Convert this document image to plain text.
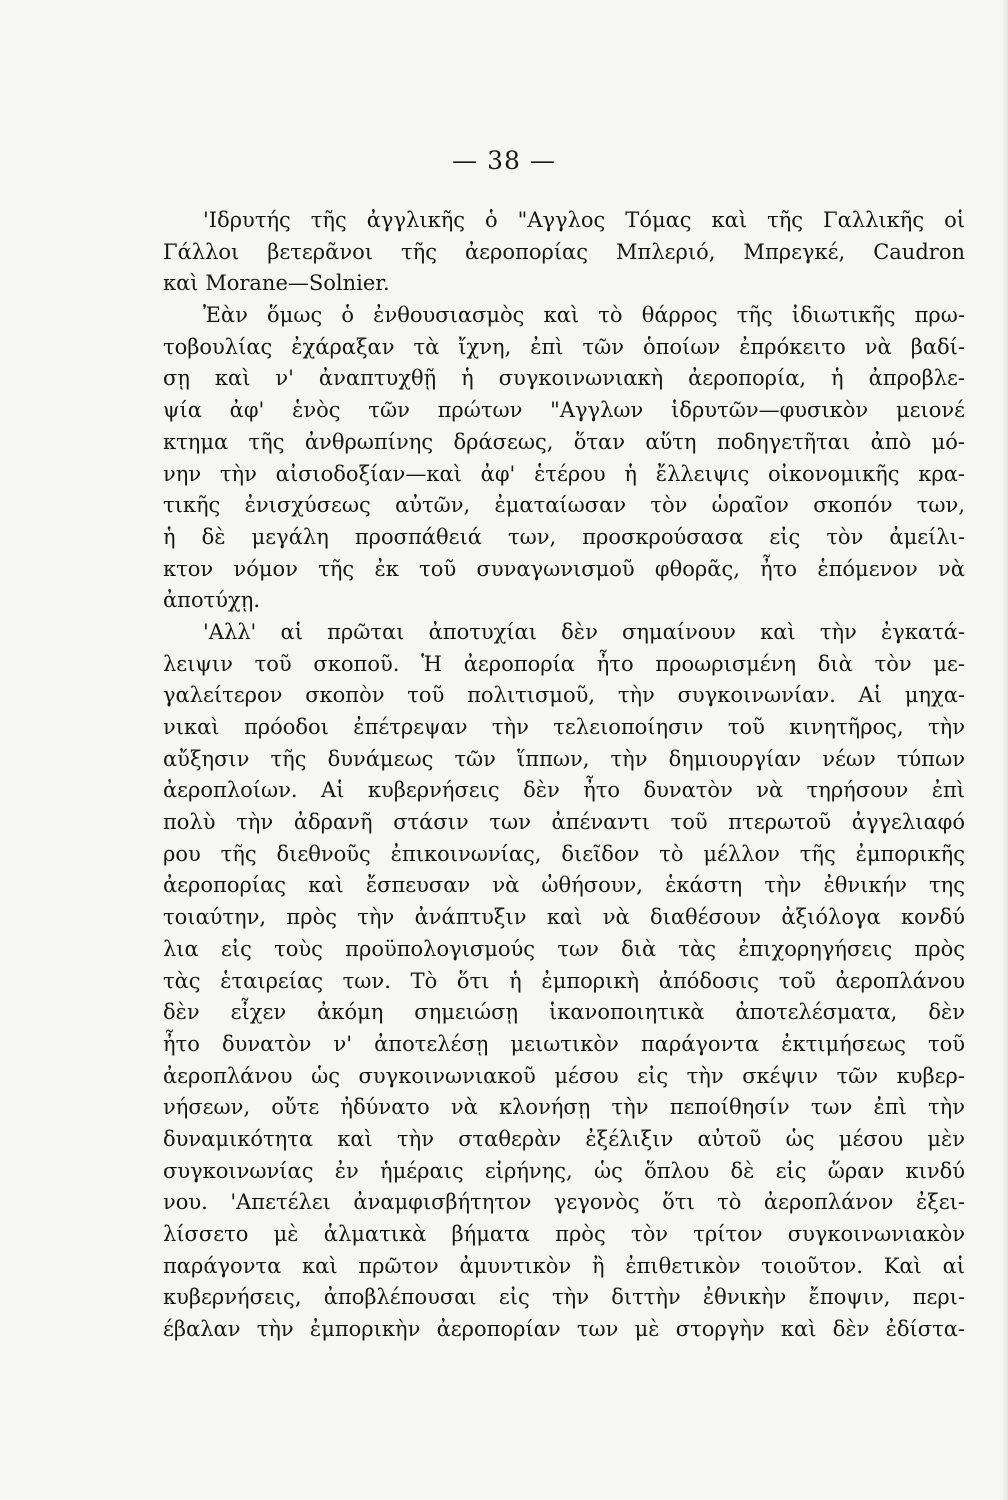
— 38 —
'Ιδρυτής τῆς ἀγγλικῆς ὁ "Αγγλος Τόμας καὶ τῆς Γαλλικῆς οἱ
Γάλλοι βετερᾶνοι τῆς ἀεροπορίας Μπλεριό, Μπρεγκέ, Caudron
καὶ Morane—Solnier.
Ἐὰν ὅμως ὁ ἐνθουσιασμὸς καὶ τὸ θάρρος τῆς ἰδιωτικῆς πρω-
τοβουλίας ἐχάραξαν τὰ ἴχνη, ἐπὶ τῶν ὁποίων ἐπρόκειτο νὰ βαδί-
σῃ καὶ ν' ἀναπτυχθῇ ἡ συγκοινωνιακὴ ἀεροπορία, ἡ ἀπροβλε-
ψία ἀφ' ἑνὸς τῶν πρώτων "Αγγλων ἱδρυτῶν—φυσικὸν μειονέ
κτημα τῆς ἀνθρωπίνης δράσεως, ὅταν αὕτη ποδηγετῆται ἀπὸ μό-
νην τὴν αἰσιοδοξίαν—καὶ ἀφ' ἑτέρου ἡ ἔλλειψις οἰκονομικῆς κρα-
τικῆς ἐνισχύσεως αὐτῶν, ἐματαίωσαν τὸν ὡραῖον σκοπόν των,
ἡ δὲ μεγάλη προσπάθειά των, προσκρούσασα εἰς τὸν ἀμείλι-
κτον νόμον τῆς ἐκ τοῦ συναγωνισμοῦ φθορᾶς, ἦτο ἑπόμενον νὰ
ἀποτύχῃ.
'Αλλ' αἱ πρῶται ἀποτυχίαι δὲν σημαίνουν καὶ τὴν ἐγκατά-
λειψιν τοῦ σκοποῦ. Ἡ ἀεροπορία ἦτο προωρισμένη διὰ τὸν με-
γαλείτερον σκοπὸν τοῦ πολιτισμοῦ, τὴν συγκοινωνίαν. Αἱ μηχα-
νικαὶ πρόοδοι ἐπέτρεψαν τὴν τελειοποίησιν τοῦ κινητῆρος, τὴν
αὔξησιν τῆς δυνάμεως τῶν ἵππων, τὴν δημιουργίαν νέων τύπων
ἀεροπλοίων. Αἱ κυβερνήσεις δὲν ἦτο δυνατὸν νὰ τηρήσουν ἐπὶ
πολὺ τὴν ἀδρανῆ στάσιν των ἀπέναντι τοῦ πτερωτοῦ ἀγγελιαφό
ρου τῆς διεθνοῦς ἐπικοινωνίας, διεῖδον τὸ μέλλον τῆς ἐμπορικῆς
ἀεροπορίας καὶ ἔσπευσαν νὰ ὠθήσουν, ἑκάστη τὴν ἐθνικήν της
τοιαύτην, πρὸς τὴν ἀνάπτυξιν καὶ νὰ διαθέσουν ἀξιόλογα κονδύ
λια εἰς τοὺς προϋπολογισμούς των διὰ τὰς ἐπιχορηγήσεις πρὸς
τὰς ἑταιρείας των. Τὸ ὅτι ἡ ἐμπορικὴ ἀπόδοσις τοῦ ἀεροπλάνου
δὲν εἶχεν ἀκόμη σημειώσῃ ἱκανοποιητικὰ ἀποτελέσματα, δὲν
ἦτο δυνατὸν ν' ἀποτελέσῃ μειωτικὸν παράγοντα ἐκτιμήσεως τοῦ
ἀεροπλάνου ὡς συγκοινωνιακοῦ μέσου εἰς τὴν σκέψιν τῶν κυβερ-
νήσεων, οὔτε ἠδύνατο νὰ κλονήσῃ τὴν πεποίθησίν των ἐπὶ τὴν
δυναμικότητα καὶ τὴν σταθερὰν ἐξέλιξιν αὐτοῦ ὡς μέσου μὲν
συγκοινωνίας ἐν ἡμέραις εἰρήνης, ὡς ὅπλου δὲ εἰς ὥραν κινδύ
νου. 'Απετέλει ἀναμφισβήτητον γεγονὸς ὅτι τὸ ἀεροπλάνον ἐξει-
λίσσετο μὲ ἁλματικὰ βήματα πρὸς τὸν τρίτον συγκοινωνιακὸν
παράγοντα καὶ πρῶτον ἀμυντικὸν ἢ ἐπιθετικὸν τοιοῦτον. Καὶ αἱ
κυβερνήσεις, ἀποβλέπουσαι εἰς τὴν διττὴν ἐθνικὴν ἔποψιν, περι-
έβαλαν τὴν ἐμπορικὴν ἀεροπορίαν των μὲ στοργὴν καὶ δὲν ἐδίστα-
